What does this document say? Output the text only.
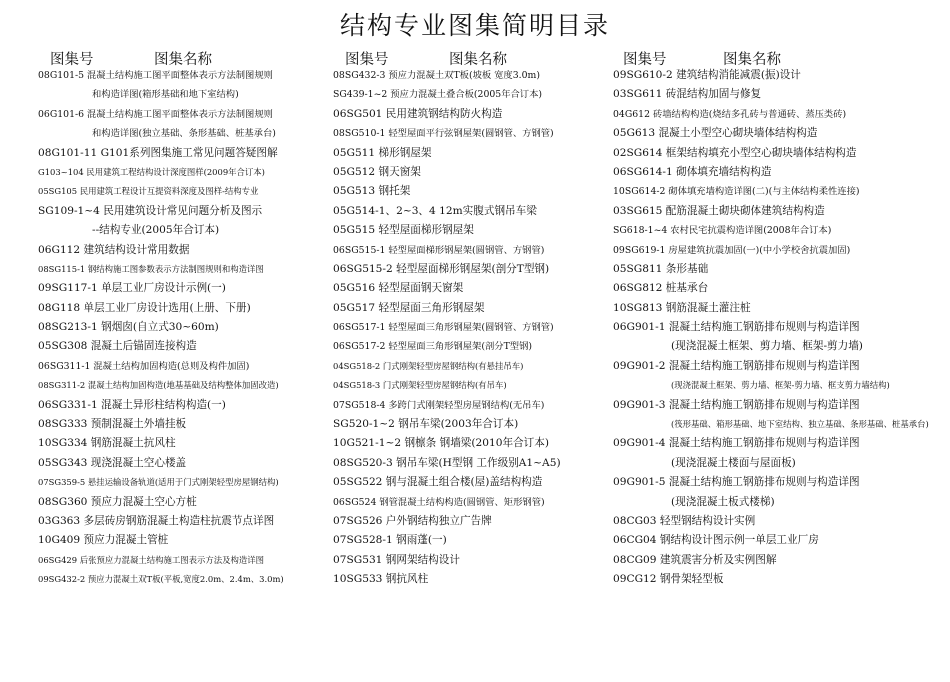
结构专业图集简明目录
图集号	图集名称
08G101-5 混凝土结构施工图平面整体表示方法制图规则
和构造详图(箱形基础和地下室结构)
06G101-6 混凝土结构施工图平面整体表示方法制图规则
和构造详图(独立基础、条形基础、桩基承台)
08G101-11 G101系列图集施工常见问题答疑图解
G103~104 民用建筑工程结构设计深度图样(2009年合订本)
05SG105 民用建筑工程设计互提资料深度及图样-结构专业
SG109-1~4 民用建筑设计常见问题分析及图示
--结构专业(2005年合订本)
06G112 建筑结构设计常用数据
08SG115-1 钢结构施工图参数表示方法制图规则和构造详图
09SG117-1 单层工业厂房设计示例(一)
08G118 单层工业厂房设计选用(上册、下册)
08SG213-1 钢烟囱(自立式30~60m)
05SG308 混凝土后锚固连接构造
06SG311-1 混凝土结构加固构造(总则及构件加固)
08SG311-2 混凝土结构加固构造(地基基础及结构整体加固改造)
06SG331-1 混凝土异形柱结构构造(一)
08SG333 预制混凝土外墙挂板
10SG334 钢筋混凝土抗风柱
05SG343 现浇混凝土空心楼盖
07SG359-5 悬挂运输设备轨道(适用于门式刚架轻型房屋钢结构)
08SG360 预应力混凝土空心方桩
03G363 多层砖房钢筋混凝土构造柱抗震节点详图
10G409 预应力混凝土管桩
06SG429 后张预应力混凝土结构施工图表示方法及构造详图
09SG432-2 预应力混凝土双T板(平板,宽度2.0m、2.4m、3.0m)
图集号	图集名称
08SG432-3 预应力混凝土双T板(坡板 宽度3.0m)
SG439-1~2 预应力混凝土叠合板(2005年合订本)
06SG501 民用建筑钢结构防火构造
08SG510-1 轻型屋面平行弦钢屋架(圆钢管、方钢管)
05G511 梯形钢屋架
05G512 钢天窗架
05G513 钢托架
05G514-1、2~3、4 12m实腹式钢吊车梁
05G515 轻型屋面梯形钢屋架
06SG515-1 轻型屋面梯形钢屋架(圆钢管、方钢管)
06SG515-2 轻型屋面梯形钢屋架(剖分T型钢)
05G516 轻型屋面钢天窗架
05G517 轻型屋面三角形钢屋架
06SG517-1 轻型屋面三角形钢屋架(圆钢管、方钢管)
06SG517-2 轻型屋面三角形钢屋架(剖分T型钢)
04SG518-2 门式刚架轻型房屋钢结构(有悬挂吊车)
04SG518-3 门式刚架轻型房屋钢结构(有吊车)
07SG518-4 多跨门式刚架轻型房屋钢结构(无吊车)
SG520-1~2 钢吊车梁(2003年合订本)
10G521-1~2 钢檩条 钢墙梁(2010年合订本)
08SG520-3 钢吊车梁(H型钢 工作级别A1~A5)
05SG522 钢与混凝土组合楼(屋)盖结构构造
06SG524 钢管混凝土结构构造(圆钢管、矩形钢管)
07SG526 户外钢结构独立广告牌
07SG528-1 钢雨蓬(一)
07SG531 钢网架结构设计
10SG533 钢抗风柱
图集号	图集名称
09SG610-2 建筑结构消能减震(振)设计
03SG611 砖混结构加固与修复
04G612 砖墙结构构造(烧结多孔砖与普通砖、蒸压类砖)
05G613 混凝土小型空心砌块墙体结构构造
02SG614 框架结构填充小型空心砌块墙体结构构造
06SG614-1 砌体填充墙结构构造
10SG614-2 砌体填充墙构造详图(二)(与主体结构柔性连接)
03SG615 配筋混凝土砌块砌体建筑结构构造
SG618-1~4 农村民宅抗震构造详图(2008年合订本)
09SG619-1 房屋建筑抗震加固(一)(中小学校舍抗震加固)
05SG811 条形基础
06SG812 桩基承台
10SG813 钢筋混凝土灌注桩
06G901-1 混凝土结构施工钢筋排布规则与构造详图
(现浇混凝土框架、剪力墙、框架-剪力墙)
09G901-2 混凝土结构施工钢筋排布规则与构造详图
(现浇混凝土框架、剪力墙、框架-剪力墙、框支剪力墙结构)
09G901-3 混凝土结构施工钢筋排布规则与构造详图
(筏形基础、箱形基础、地下室结构、独立基础、条形基础、桩基承台)
09G901-4 混凝土结构施工钢筋排布规则与构造详图
(现浇混凝土楼面与屋面板)
09G901-5 混凝土结构施工钢筋排布规则与构造详图
(现浇混凝土板式楼梯)
08CG03 轻型钢结构设计实例
06CG04 钢结构设计图示例一单层工业厂房
08CG09 建筑震害分析及实例图解
09CG12 钢骨架轻型板
